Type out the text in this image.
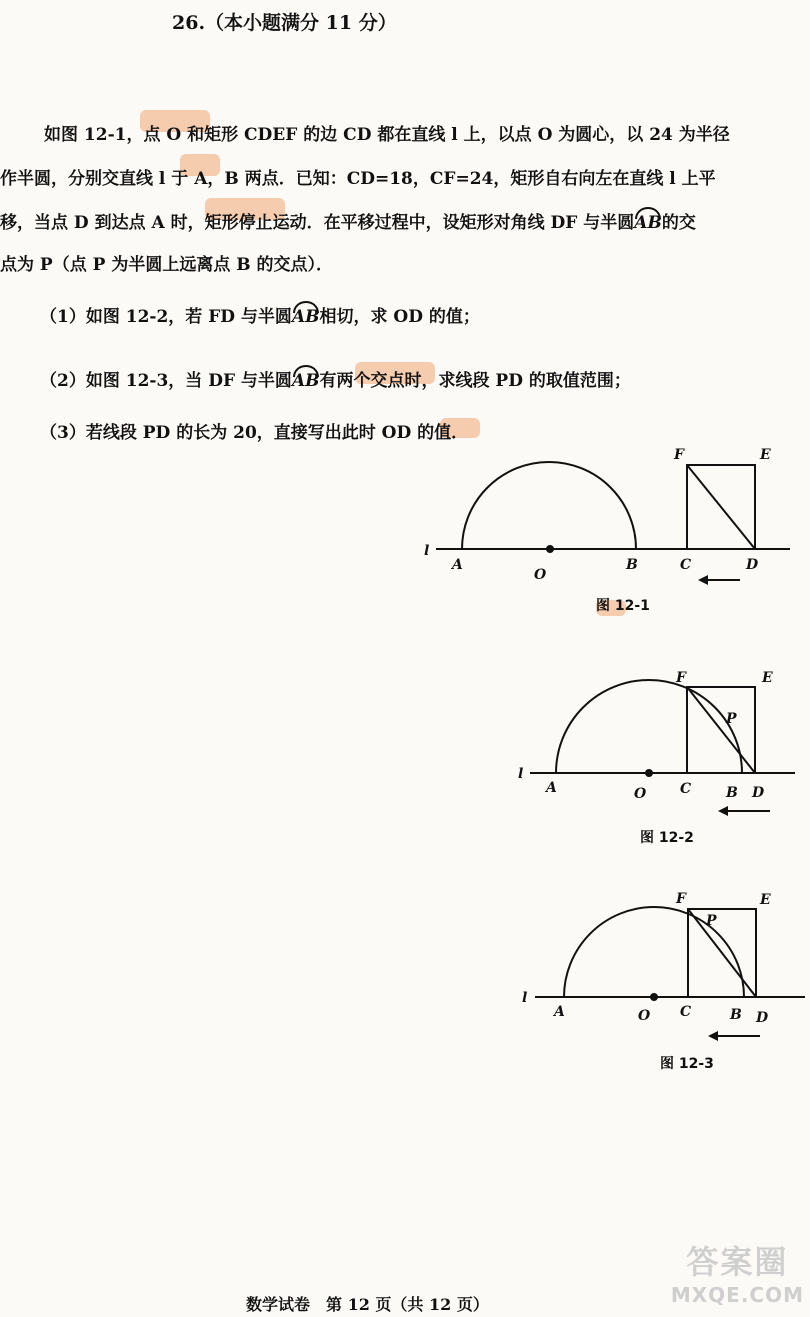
26.（本小题满分 11 分）
如图 12-1，点 O 和矩形 CDEF 的边 CD 都在直线 l 上，以点 O 为圆心，以 24 为半径
作半圆，分别交直线 l 于 A，B 两点．已知：CD=18，CF=24，矩形自右向左在直线 l 上平
移，当点 D 到达点 A 时，矩形停止运动．在平移过程中，设矩形对角线 DF 与半圆AB的交
点为 P（点 P 为半圆上远离点 B 的交点）．
（1）如图 12-2，若 FD 与半圆AB相切，求 OD 的值；
（2）如图 12-3，当 DF 与半圆AB有两个交点时，求线段 PD 的取值范围；
（3）若线段 PD 的长为 20，直接写出此时 OD 的值．
l
A
O
B	C	D
F	E
图 12-1
l
A	O C B D
F	E
P
图 12-2
l
A	O C	B D
F	E
P
图 12-3
数学试卷　第 12 页（共 12 页）
答案圈
MXQE.COM
